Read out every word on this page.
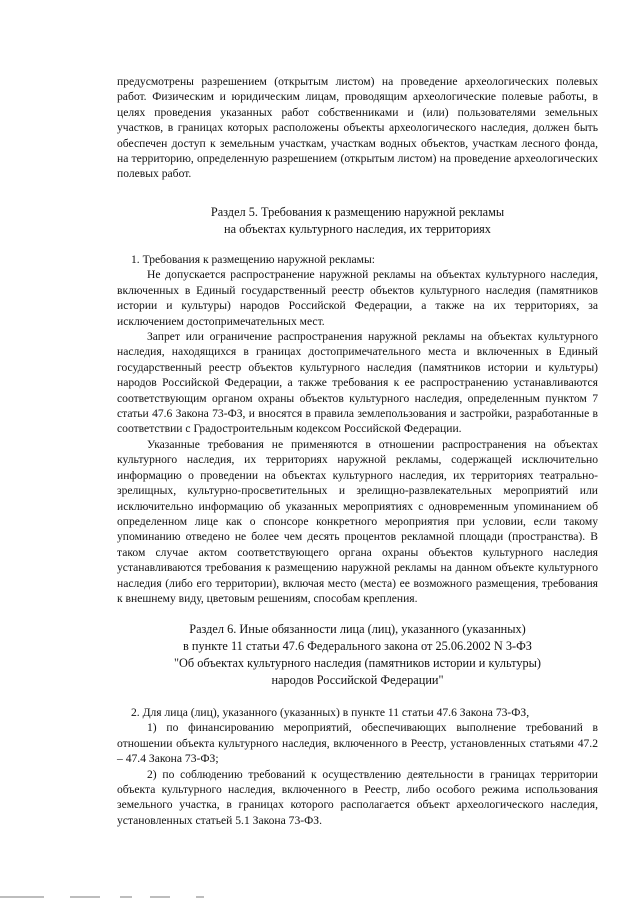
предусмотрены разрешением (открытым листом) на проведение археологических полевых работ. Физическим и юридическим лицам, проводящим археологические полевые работы, в целях проведения указанных работ собственниками и (или) пользователями земельных участков, в границах которых расположены объекты археологического наследия, должен быть обеспечен доступ к земельным участкам, участкам водных объектов, участкам лесного фонда, на территорию, определенную разрешением (открытым листом) на проведение археологических полевых работ.

Раздел 5. Требования к размещению наружной рекламы

на объектах культурного наследия, их территориях

1. Требования к размещению наружной рекламы:

Не допускается распространение наружной рекламы на объектах культурного наследия, включенных в Единый государственный реестр объектов культурного наследия (памятников истории и культуры) народов Российской Федерации, а также на их территориях, за исключением достопримечательных мест.

Запрет или ограничение распространения наружной рекламы на объектах культурного наследия, находящихся в границах достопримечательного места и включенных в Единый государственный реестр объектов культурного наследия (памятников истории и культуры) народов Российской Федерации, а также требования к ее распространению устанавливаются соответствующим органом охраны объектов культурного наследия, определенным пунктом 7 статьи 47.6 Закона 73-ФЗ, и вносятся в правила землепользования и застройки, разработанные в соответствии с Градостроительным кодексом Российской Федерации.

Указанные требования не применяются в отношении распространения на объектах культурного наследия, их территориях наружной рекламы, содержащей исключительно информацию о проведении на объектах культурного наследия, их территориях театрально-зрелищных, культурно-просветительных и зрелищно-развлекательных мероприятий или исключительно информацию об указанных мероприятиях с одновременным упоминанием об определенном лице как о спонсоре конкретного мероприятия при условии, если такому упоминанию отведено не более чем десять процентов рекламной площади (пространства). В таком случае актом соответствующего органа охраны объектов культурного наследия устанавливаются требования к размещению наружной рекламы на данном объекте культурного наследия (либо его территории), включая место (места) ее возможного размещения, требования к внешнему виду, цветовым решениям, способам крепления.

Раздел 6. Иные обязанности лица (лиц), указанного (указанных)

в пункте 11 статьи 47.6 Федерального закона от 25.06.2002 N 3-ФЗ

"Об объектах культурного наследия (памятников истории и культуры)

народов Российской Федерации"

2. Для лица (лиц), указанного (указанных) в пункте 11 статьи 47.6 Закона 73-ФЗ,

1) по финансированию мероприятий, обеспечивающих выполнение требований в отношении объекта культурного наследия, включенного в Реестр, установленных статьями 47.2 – 47.4 Закона 73-ФЗ;

2) по соблюдению требований к осуществлению деятельности в границах территории объекта культурного наследия, включенного в Реестр, либо особого режима использования земельного участка, в границах которого располагается объект археологического наследия, установленных статьей 5.1 Закона 73-ФЗ.
